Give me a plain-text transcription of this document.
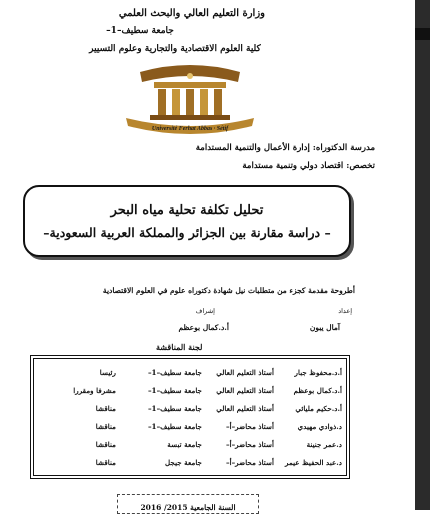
وزارة التعليم العالي والبحث العلمي
جامعة سطيف–1–
كلية العلوم الاقتصادية والتجارية وعلوم التسيير
Université Ferhat Abbas · Sétif
مدرسة الدكتوراه: إدارة الأعمال والتنمية المستدامة
تخصص: اقتصاد دولي وتنمية مستدامة
تحليل تكلفة تحلية مياه البحر
– دراسة مقارنة بين الجزائر والمملكة العربية السعودية–
أطروحة مقدمة كجزء من متطلبات نيل شهادة دكتوراه علوم في العلوم الاقتصادية
إعداد
إشراف
آمال يبون
أ.د.كمال بوعظم
لجنة المناقشة
أ.د.محفوظ جبار
أستاذ التعليم العالي
جامعة سطيف–1–
رئيسا
أ.د.كمال بوعظم
أستاذ التعليم العالي
جامعة سطيف–1–
مشرفا ومقررا
أ.د.حكيم مليائي
أستاذ التعليم العالي
جامعة سطيف–1–
مناقشا
د.ذوادي مهيدي
أستاذ محاضر–أ–
جامعة سطيف–1–
مناقشا
د.عمر جنينة
أستاذ محاضر–أ–
جامعة تبسة
مناقشا
د.عبد الحفيظ عيمر
أستاذ محاضر–أ–
جامعة جيجل
مناقشا
السنة الجامعية 2015/ 2016
